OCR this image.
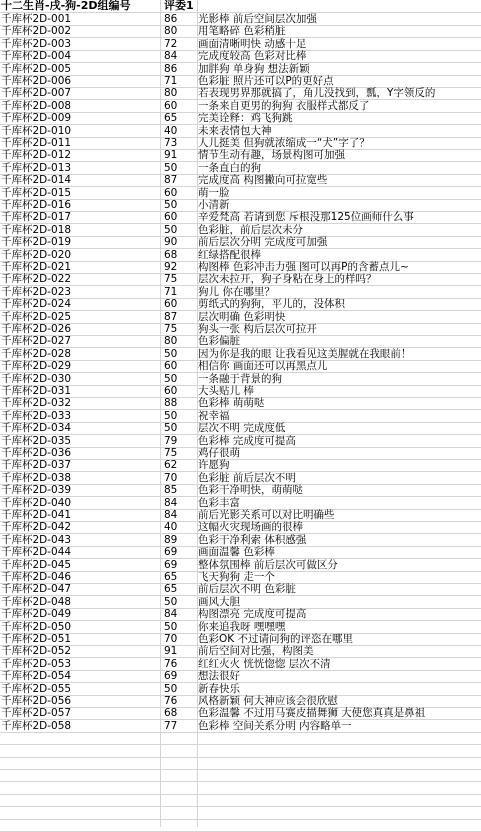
十二生肖-戌-狗-2D组编号	评委1
千库杯2D-001	86	光影棒 前后空间层次加强
千库杯2D-002	80	用笔略碎 色彩稍脏
千库杯2D-003	72	画面清晰明快 动感十足
千库杯2D-004	84	完成度较高 色彩对比棒
千库杯2D-005	86	加胖狗 单身狗 想法新颖
千库杯2D-006	71	色彩脏 照片还可以P的更好点
千库杯2D-007	80	若表现男界那就搞了，角儿没找到，瓢，Y字领反的
千库杯2D-008	60	一条来自更男的狗狗 衣服样式都反了
千库杯2D-009	65	完美诠释：鸡飞狗跳
千库杯2D-010	40	未来表情包大神
千库杯2D-011	73	人儿挺美 但狗就浓缩成一“犬”字了？
千库杯2D-012	91	情节生动有趣，场景构图可加强
千库杯2D-013	50	一条直白的狗
千库杯2D-014	87	完成度高 构图撇向可拉宽些
千库杯2D-015	60	萌一脸
千库杯2D-016	50	小清新
千库杯2D-017	60	辛爱梵高 若请到您 斥根没那125位画师什么事
千库杯2D-018	50	色彩脏，前后层次未分
千库杯2D-019	90	前后层次分明 完成度可加强
千库杯2D-020	68	红绿搭配很棒
千库杯2D-021	92	构图棒 色彩冲击力强 图可以再P的含蓄点儿~
千库杯2D-022	75	层次未拉开，狗子身粘在身上的样吗？
千库杯2D-023	71	狗儿 你在哪里？
千库杯2D-024	60	剪纸式的狗狗，平儿的，没体积
千库杯2D-025	87	层次明确 色彩明快
千库杯2D-026	75	狗头一张 构后层次可拉开
千库杯2D-027	80	色彩偏脏
千库杯2D-028	50	因为你是我的眼 让我看见这美腥就在我眼前！
千库杯2D-029	60	相信你 画面还可以再黑点儿
千库杯2D-030	50	一条融于背景的狗
千库杯2D-031	60	大头贴儿 棒
千库杯2D-032	88	色彩棒 萌萌哒
千库杯2D-033	50	祝幸福
千库杯2D-034	50	层次不明 完成度低
千库杯2D-035	79	色彩棒 完成度可提高
千库杯2D-036	75	鸡仔很萌
千库杯2D-037	62	许愿狗
千库杯2D-038	70	色彩脏 前后层次不明
千库杯2D-039	85	色彩干净明快，萌萌哒
千库杯2D-040	84	色彩丰富
千库杯2D-041	84	前后光影关系可以对比明确些
千库杯2D-042	40	这幅火灾现场画的很棒
千库杯2D-043	89	色彩干净利索 体积感强
千库杯2D-044	69	画面温馨 色彩棒
千库杯2D-045	69	整体氛围棒 前后层次可做区分
千库杯2D-046	65	飞天狗狗 走一个
千库杯2D-047	65	前后层次不明 色彩脏
千库杯2D-048	50	画风大胆
千库杯2D-049	84	构图漂亮 完成度可提高
千库杯2D-050	50	你来追我呀 嘿嘿嘿
千库杯2D-051	70	色彩OK 不过请问狗的评恣在哪里
千库杯2D-052	91	前后空间对比强，构图美
千库杯2D-053	76	红红火火 恍恍惚惚 层次不清
千库杯2D-054	69	想法很好
千库杯2D-055	50	新春快乐
千库杯2D-056	76	风格新颖 何大神应该会很欣慰
千库杯2D-057	68	色彩温馨 不过用马赛皮描舞狮 大使您真真是鼻祖
千库杯2D-058	77	色彩棒 空间关系分明 内容略单一
